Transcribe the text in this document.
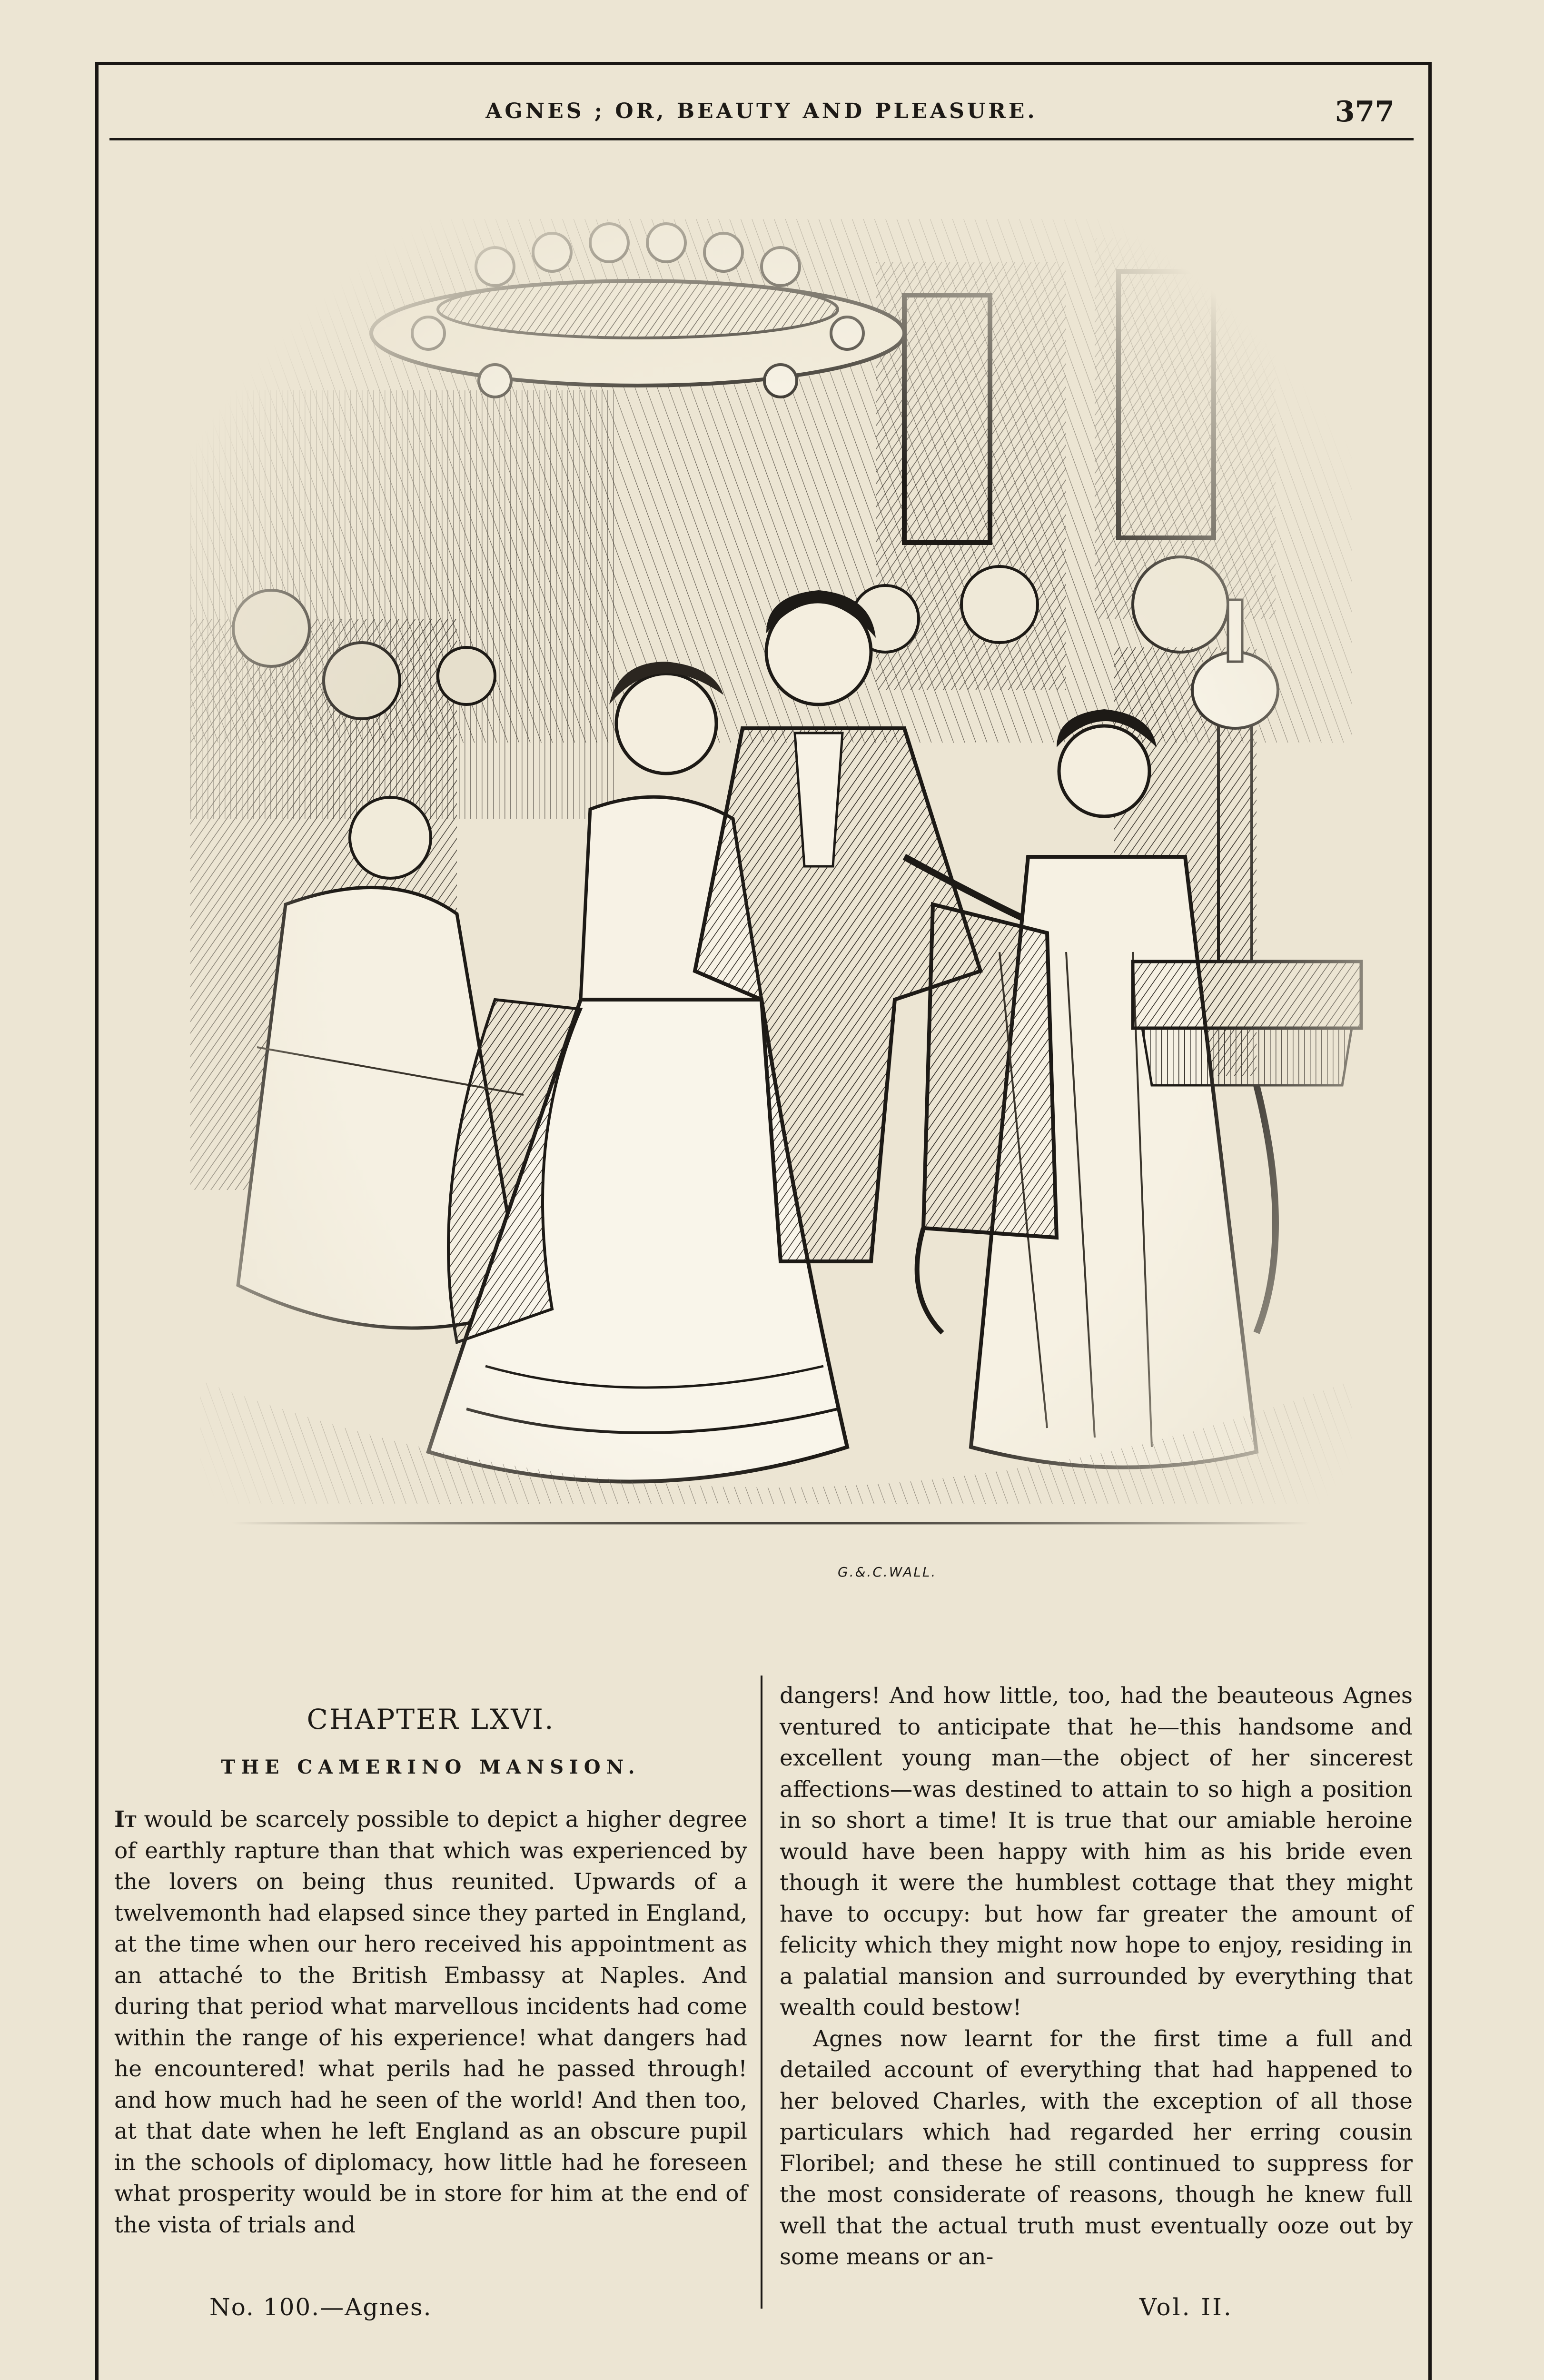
AGNES ; OR, BEAUTY AND PLEASURE.	377
G.&.C.WALL.
CHAPTER LXVI.
THE CAMERINO MANSION.

It would be scarcely possible to depict a higher degree of earthly rapture than that which was experienced by the lovers on being thus reunited. Upwards of a twelvemonth had elapsed since they parted in England, at the time when our hero received his appointment as an attaché to the British Embassy at Naples. And during that period what marvellous incidents had come within the range of his experience! what dangers had he encountered! what perils had he passed through! and how much had he seen of the world! And then too, at that date when he left England as an obscure pupil in the schools of diplomacy, how little had he foreseen what prosperity would be in store for him at the end of the vista of trials and

dangers! And how little, too, had the beauteous Agnes ventured to anticipate that he—this handsome and excellent young man—the object of her sincerest affections—was destined to attain to so high a position in so short a time! It is true that our amiable heroine would have been happy with him as his bride even though it were the humblest cottage that they might have to occupy: but how far greater the amount of felicity which they might now hope to enjoy, residing in a palatial mansion and surrounded by everything that wealth could bestow!

Agnes now learnt for the first time a full and detailed account of everything that had happened to her beloved Charles, with the exception of all those particulars which had regarded her erring cousin Floribel; and these he still continued to suppress for the most considerate of reasons, though he knew full well that the actual truth must eventually ooze out by some means or an-

No. 100.—Agnes.	Vol. II.
